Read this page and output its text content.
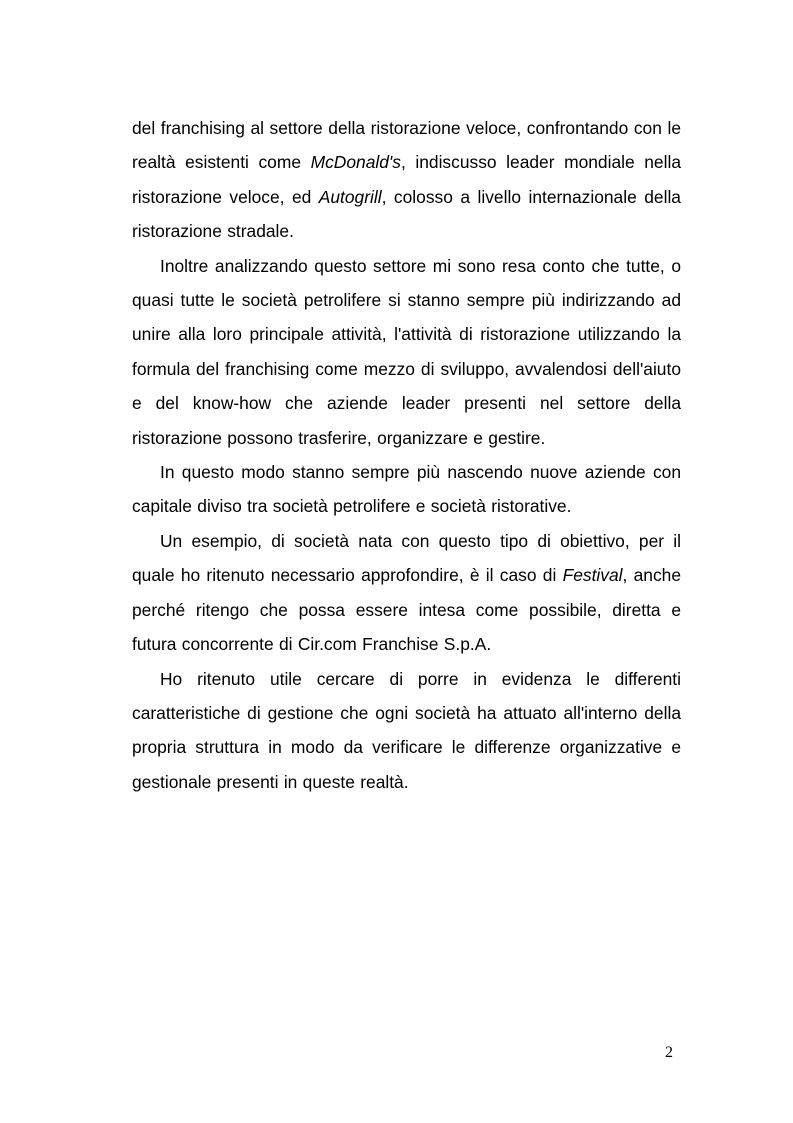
del franchising al settore della ristorazione veloce, confrontando con le realtà esistenti come McDonald's, indiscusso leader mondiale nella ristorazione veloce, ed Autogrill, colosso a livello internazionale della ristorazione stradale.

Inoltre analizzando questo settore mi sono resa conto che tutte, o quasi tutte le società petrolifere si stanno sempre più indirizzando ad unire alla loro principale attività, l'attività di ristorazione utilizzando la formula del franchising come mezzo di sviluppo, avvalendosi dell'aiuto e del know-how che aziende leader presenti nel settore della ristorazione possono trasferire, organizzare e gestire.

In questo modo stanno sempre più nascendo nuove aziende con capitale diviso tra società petrolifere e società ristorative.

Un esempio, di società nata con questo tipo di obiettivo, per il quale ho ritenuto necessario approfondire, è il caso di Festival, anche perché ritengo che possa essere intesa come possibile, diretta e futura concorrente di Cir.com Franchise S.p.A.

Ho ritenuto utile cercare di porre in evidenza le differenti caratteristiche di gestione che ogni società ha attuato all'interno della propria struttura in modo da verificare le differenze organizzative e gestionale presenti in queste realtà.

2
